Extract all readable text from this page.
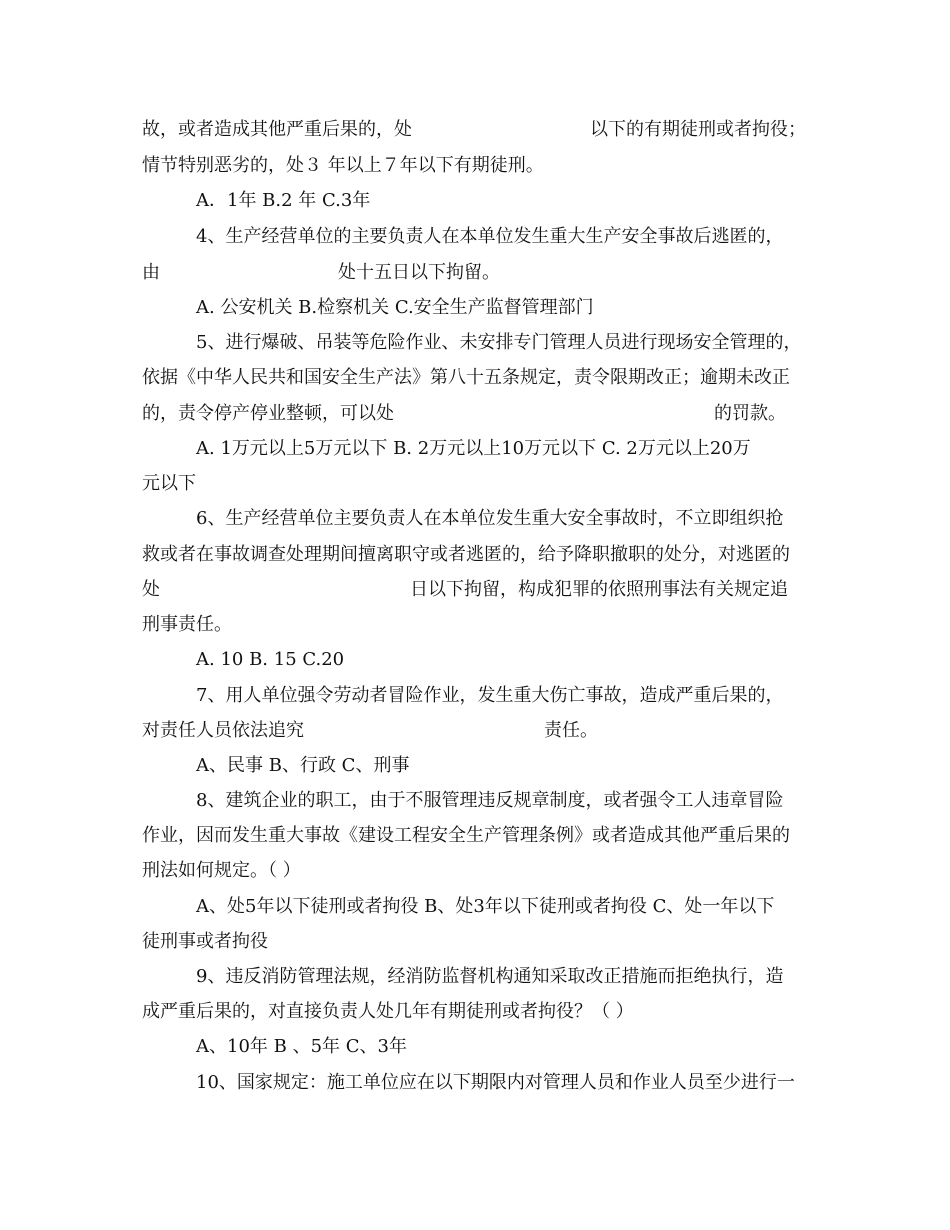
故，或者造成其他严重后果的，处	以下的有期徒刑或者拘役；
情节特别恶劣的，处３ 年以上７年以下有期徒刑。
A．1年 B.2 年 C.3年
4、生产经营单位的主要负责人在本单位发生重大生产安全事故后逃匿的，
由	处十五日以下拘留。
A. 公安机关 B.检察机关 C.安全生产监督管理部门
5、进行爆破、吊装等危险作业、未安排专门管理人员进行现场安全管理的，
依据《中华人民共和国安全生产法》第八十五条规定，责令限期改正；逾期未改正
的，责令停产停业整顿，可以处	的罚款。
A. 1万元以上5万元以下 B. 2万元以上10万元以下 C. 2万元以上20万
元以下
6、生产经营单位主要负责人在本单位发生重大安全事故时，不立即组织抢
救或者在事故调查处理期间擅离职守或者逃匿的，给予降职撤职的处分，对逃匿的
处	日以下拘留，构成犯罪的依照刑事法有关规定追
刑事责任。
A. 10 B. 15 C.20
7、用人单位强令劳动者冒险作业，发生重大伤亡事故，造成严重后果的，
对责任人员依法追究	责任。
A、民事 B、行政 C、刑事
8、建筑企业的职工，由于不服管理违反规章制度，或者强令工人违章冒险
作业，因而发生重大事故《建设工程安全生产管理条例》或者造成其他严重后果的
刑法如何规定。（ ）
A、处5年以下徒刑或者拘役 B、处3年以下徒刑或者拘役 C、处一年以下
徒刑事或者拘役
9、违反消防管理法规，经消防监督机构通知采取改正措施而拒绝执行，造
成严重后果的，对直接负责人处几年有期徒刑或者拘役？（ ）
A、10年 B 、5年 C、3年
10、国家规定：施工单位应在以下期限内对管理人员和作业人员至少进行一
